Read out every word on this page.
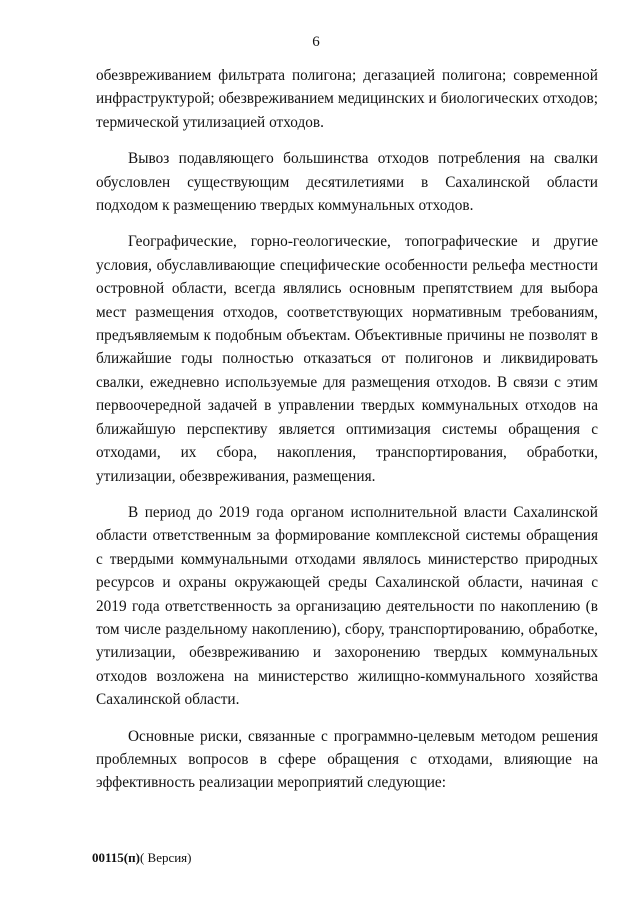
6

обезвреживанием фильтрата полигона; дегазацией полигона; современной инфраструктурой; обезвреживанием медицинских и биологических отходов; термической утилизацией отходов.

Вывоз подавляющего большинства отходов потребления на свалки обусловлен существующим десятилетиями в Сахалинской области подходом к размещению твердых коммунальных отходов.

Географические, горно-геологические, топографические и другие условия, обуславливающие специфические особенности рельефа местности островной области, всегда являлись основным препятствием для выбора мест размещения отходов, соответствующих нормативным требованиям, предъявляемым к подобным объектам. Объективные причины не позволят в ближайшие годы полностью отказаться от полигонов и ликвидировать свалки, ежедневно используемые для размещения отходов. В связи с этим первоочередной задачей в управлении твердых коммунальных отходов на ближайшую перспективу является оптимизация системы обращения с отходами, их сбора, накопления, транспортирования, обработки, утилизации, обезвреживания, размещения.

В период до 2019 года органом исполнительной власти Сахалинской области ответственным за формирование комплексной системы обращения с твердыми коммунальными отходами являлось министерство природных ресурсов и охраны окружающей среды Сахалинской области, начиная с 2019 года ответственность за организацию деятельности по накоплению (в том числе раздельному накоплению), сбору, транспортированию, обработке, утилизации, обезвреживанию и захоронению твердых коммунальных отходов возложена на министерство жилищно-коммунального хозяйства Сахалинской области.

Основные риски, связанные с программно-целевым методом решения проблемных вопросов в сфере обращения с отходами, влияющие на эффективность реализации мероприятий следующие:

00115(п)( Версия)
